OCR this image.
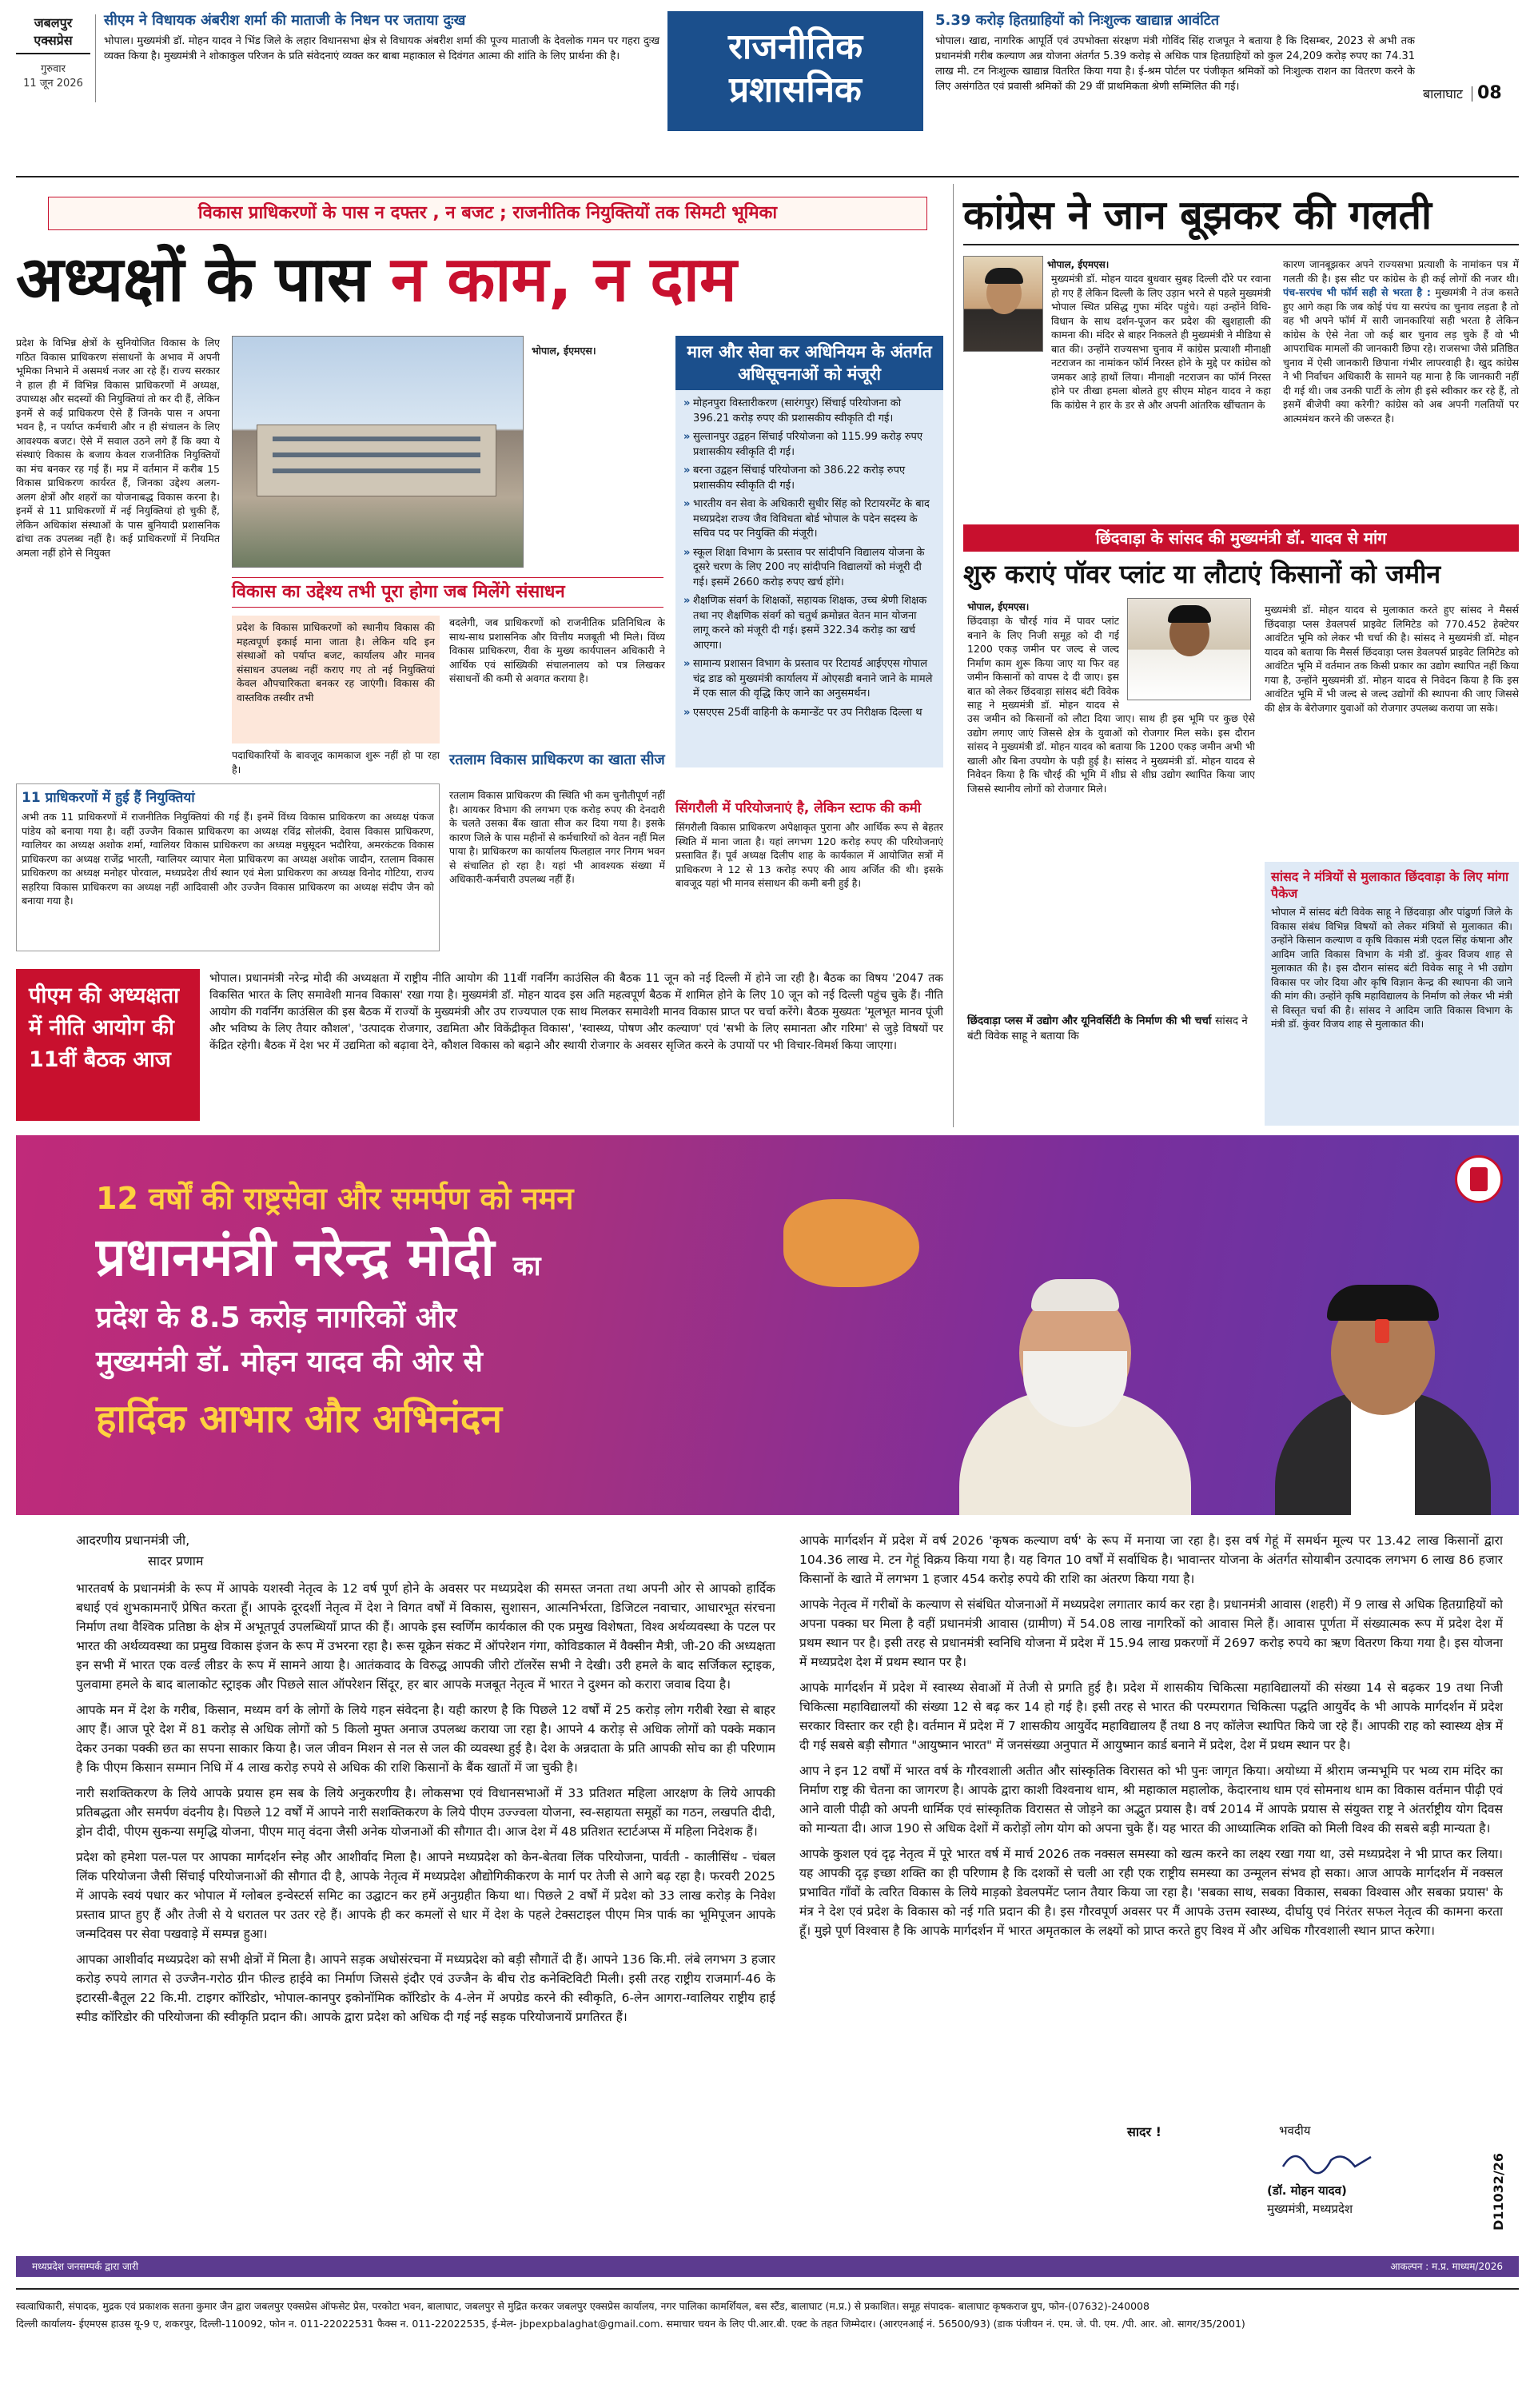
जबलपुर एक्सप्रेस
गुरुवार
11 जून 2026
सीएम ने विधायक अंबरीश शर्मा की माताजी के निधन पर जताया दुःख
भोपाल। मुख्यमंत्री डॉ. मोहन यादव ने भिंड जिले के लहार विधानसभा क्षेत्र से विधायक अंबरीश शर्मा की पूज्य माताजी के देवलोक गमन पर गहरा दुःख व्यक्त किया है। मुख्यमंत्री ने शोकाकुल परिजन के प्रति संवेदनाएं व्यक्त कर बाबा महाकाल से दिवंगत आत्मा की शांति के लिए प्रार्थना की है।	राजनीतिक प्रशासनिक
5.39 करोड़ हितग्राहियों को निःशुल्क खाद्यान्न आवंटित
भोपाल। खाद्य, नागरिक आपूर्ति एवं उपभोक्ता संरक्षण मंत्री गोविंद सिंह राजपूत ने बताया है कि दिसम्बर, 2023 से अभी तक प्रधानमंत्री गरीब कल्याण अन्न योजना अंतर्गत 5.39 करोड़ से अधिक पात्र हितग्राहियों को कुल 24,209 करोड़ रुपए का 74.31 लाख मी. टन निःशुल्क खाद्यान्न वितरित किया गया है। ई-श्रम पोर्टल पर पंजीकृत श्रमिकों को निःशुल्क राशन का वितरण करने के लिए असंगठित एवं प्रवासी श्रमिकों की 29 वीं प्राथमिकता श्रेणी सम्मिलित की गई।	बालाघाट 08
विकास प्राधिकरणों के पास न दफ्तर , न बजट ; राजनीतिक नियुक्तियों तक सिमटी भूमिका
अध्यक्षों के पास न काम, न दाम
प्रदेश के विभिन्न क्षेत्रों के सुनियोजित विकास के लिए गठित विकास प्राधिकरण संसाधनों के अभाव में अपनी भूमिका निभाने में असमर्थ नजर आ रहे हैं। राज्य सरकार ने हाल ही में विभिन्न विकास प्राधिकरणों में अध्यक्ष, उपाध्यक्ष और सदस्यों की नियुक्तियां तो कर दी हैं, लेकिन इनमें से कई प्राधिकरण ऐसे हैं जिनके पास न अपना भवन है, न पर्याप्त कर्मचारी और न ही संचालन के लिए आवश्यक बजट। ऐसे में सवाल उठने लगे हैं कि क्या ये संस्थाएं विकास के बजाय केवल राजनीतिक नियुक्तियों का मंच बनकर रह गई हैं। मप्र में वर्तमान में करीब 15 विकास प्राधिकरण कार्यरत हैं, जिनका उद्देश्य अलग-अलग क्षेत्रों और शहरों का योजनाबद्ध विकास करना है। इनमें से 11 प्राधिकरणों में नई नियुक्तियां हो चुकी हैं, लेकिन अधिकांश संस्थाओं के पास बुनियादी प्रशासनिक ढांचा तक उपलब्ध नहीं है। कई प्राधिकरणों में नियमित अमला नहीं होने से नियुक्त
भोपाल, ईएमएस।
विकास का उद्देश्य तभी पूरा होगा जब मिलेंगे संसाधन
प्रदेश के विकास प्राधिकरणों को स्थानीय विकास की महत्वपूर्ण इकाई माना जाता है। लेकिन यदि इन संस्थाओं को पर्याप्त बजट, कार्यालय और मानव संसाधन उपलब्ध नहीं कराए गए तो नई नियुक्तियां केवल औपचारिकता बनकर रह जाएंगी। विकास की वास्तविक तस्वीर तभी
बदलेगी, जब प्राधिकरणों को राजनीतिक प्रतिनिधित्व के साथ-साथ प्रशासनिक और वित्तीय मजबूती भी मिले। विंध्य विकास प्राधिकरण, रीवा के मुख्य कार्यपालन अधिकारी ने आर्थिक एवं सांख्यिकी संचालनालय को पत्र लिखकर संसाधनों की कमी से अवगत कराया है।
पदाधिकारियों के बावजूद कामकाज शुरू नहीं हो पा रहा है।
रतलाम विकास प्राधिकरण का खाता सीज
रतलाम विकास प्राधिकरण की स्थिति भी कम चुनौतीपूर्ण नहीं है। आयकर विभाग की लगभग एक करोड़ रुपए की देनदारी के चलते उसका बैंक खाता सीज कर दिया गया है। इसके कारण जिले के पास महीनों से कर्मचारियों को वेतन नहीं मिल पाया है। प्राधिकरण का कार्यालय फिलहाल नगर निगम भवन से संचालित हो रहा है। यहां भी आवश्यक संख्या में अधिकारी-कर्मचारी उपलब्ध नहीं हैं।
11 प्राधिकरणों में हुई हैं नियुक्तियां
अभी तक 11 प्राधिकरणों में राजनीतिक नियुक्तियां की गई हैं। इनमें विंध्य विकास प्राधिकरण का अध्यक्ष पंकज पांडेय को बनाया गया है। वहीं उज्जैन विकास प्राधिकरण का अध्यक्ष रविंद्र सोलंकी, देवास विकास प्राधिकरण, ग्वालियर का अध्यक्ष अशोक शर्मा, ग्वालियर विकास प्राधिकरण का अध्यक्ष मधुसूदन भदौरिया, अमरकंटक विकास प्राधिकरण का अध्यक्ष राजेंद्र भारती, ग्वालियर व्यापार मेला प्राधिकरण का अध्यक्ष अशोक जादौन, रतलाम विकास प्राधिकरण का अध्यक्ष मनोहर पोरवाल, मध्यप्रदेश तीर्थ स्थान एवं मेला प्राधिकरण का अध्यक्ष विनोद गोटिया, राज्य सहरिया विकास प्राधिकरण का अध्यक्ष नहीं आदिवासी और उज्जैन विकास प्राधिकरण का अध्यक्ष संदीप जैन को बनाया गया है।
माल और सेवा कर अधिनियम के अंतर्गत अधिसूचनाओं को मंजूरी
» मोहनपुरा विस्तारीकरण (सारंगपुर) सिंचाई परियोजना को 396.21 करोड़ रुपए की प्रशासकीय स्वीकृति दी गई।
» सुल्तानपुर उद्वहन सिंचाई परियोजना को 115.99 करोड़ रुपए प्रशासकीय स्वीकृति दी गई।
» बरना उद्वहन सिंचाई परियोजना को 386.22 करोड़ रुपए प्रशासकीय स्वीकृति दी गई।
» भारतीय वन सेवा के अधिकारी सुधीर सिंह को रिटायरमेंट के बाद मध्यप्रदेश राज्य जैव विविधता बोर्ड भोपाल के पदेन सदस्य के सचिव पद पर नियुक्ति की मंजूरी।
» स्कूल शिक्षा विभाग के प्रस्ताव पर सांदीपनि विद्यालय योजना के दूसरे चरण के लिए 200 नए सांदीपनि विद्यालयों को मंजूरी दी गई। इसमें 2660 करोड़ रुपए खर्च होंगे।
» शैक्षणिक संवर्ग के शिक्षकों, सहायक शिक्षक, उच्च श्रेणी शिक्षक तथा नए शैक्षणिक संवर्ग को चतुर्थ क्रमोन्नत वेतन मान योजना लागू करने को मंजूरी दी गई। इसमें 322.34 करोड़ का खर्च आएगा।
» सामान्य प्रशासन विभाग के प्रस्ताव पर रिटायर्ड आईएएस गोपाल चंद्र डाड को मुख्यमंत्री कार्यालय में ओएसडी बनाने जाने के मामले में एक साल की वृद्धि किए जाने का अनुसमर्थन।
» एसएएस 25वीं वाहिनी के कमान्डेंट पर उप निरीक्षक दिल्ला थ
सिंगरौली में परियोजनाएं है, लेकिन स्टाफ की कमी
सिंगरौली विकास प्राधिकरण अपेक्षाकृत पुराना और आर्थिक रूप से बेहतर स्थिति में माना जाता है। यहां लगभग 120 करोड़ रुपए की परियोजनाएं प्रस्तावित हैं। पूर्व अध्यक्ष दिलीप शाह के कार्यकाल में आयोजित सत्रों में प्राधिकरण ने 12 से 13 करोड़ रुपए की आय अर्जित की थी। इसके बावजूद यहां भी मानव संसाधन की कमी बनी हुई है।
पीएम की अध्यक्षता में नीति आयोग की 11वीं बैठक आज
भोपाल। प्रधानमंत्री नरेन्द्र मोदी की अध्यक्षता में राष्ट्रीय नीति आयोग की 11वीं गवर्निंग काउंसिल की बैठक 11 जून को नई दिल्ली में होने जा रही है। बैठक का विषय '2047 तक विकसित भारत के लिए समावेशी मानव विकास' रखा गया है। मुख्यमंत्री डॉ. मोहन यादव इस अति महत्वपूर्ण बैठक में शामिल होने के लिए 10 जून को नई दिल्ली पहुंच चुके हैं। नीति आयोग की गवर्निंग काउंसिल की इस बैठक में राज्यों के मुख्यमंत्री और उप राज्यपाल एक साथ मिलकर समावेशी मानव विकास प्राप्त पर चर्चा करेंगे। बैठक मुख्यतः 'मूलभूत मानव पूंजी और भविष्य के लिए तैयार कौशल', 'उत्पादक रोजगार, उद्यमिता और विकेंद्रीकृत विकास', 'स्वास्थ्य, पोषण और कल्याण' एवं 'सभी के लिए समानता और गरिमा' से जुड़े विषयों पर केंद्रित रहेगी। बैठक में देश भर में उद्यमिता को बढ़ावा देने, कौशल विकास को बढ़ाने और स्थायी रोजगार के अवसर सृजित करने के उपायों पर भी विचार-विमर्श किया जाएगा।
कांग्रेस ने जान बूझकर की गलती
भोपाल, ईएमएस।
मुख्यमंत्री डॉ. मोहन यादव बुधवार सुबह दिल्ली दौरे पर रवाना हो गए हैं लेकिन दिल्ली के लिए उड़ान भरने से पहले मुख्यमंत्री भोपाल स्थित प्रसिद्ध गुफा मंदिर पहुंचे। यहां उन्होंने विधि-विधान के साथ दर्शन-पूजन कर प्रदेश की खुशहाली की कामना की। मंदिर से बाहर निकलते ही मुख्यमंत्री ने मीडिया से बात की। उन्होंने राज्यसभा चुनाव में कांग्रेस प्रत्याशी मीनाक्षी नटराजन का नामांकन फॉर्म निरस्त होने के मुद्दे पर कांग्रेस को जमकर आड़े हाथों लिया। मीनाक्षी नटराजन का फॉर्म निरस्त होने पर तीखा हमला बोलते हुए सीएम मोहन यादव ने कहा कि कांग्रेस ने हार के डर से और अपनी आंतरिक खींचतान के
कारण जानबूझकर अपने राज्यसभा प्रत्याशी के नामांकन पत्र में गलती की है। इस सीट पर कांग्रेस के ही कई लोगों की नजर थी। पंच-सरपंच भी फॉर्म सही से भरता है : मुख्यमंत्री ने तंज कसते हुए आगे कहा कि जब कोई पंच या सरपंच का चुनाव लड़ता है तो वह भी अपने फॉर्म में सारी जानकारियां सही भरता है लेकिन कांग्रेस के ऐसे नेता जो कई बार चुनाव लड़ चुके हैं वो भी आपराधिक मामलों की जानकारी छिपा रहे। राजसभा जैसे प्रतिष्ठित चुनाव में ऐसी जानकारी छिपाना गंभीर लापरवाही है। खुद कांग्रेस ने भी निर्वाचन अधिकारी के सामने यह माना है कि जानकारी नहीं दी गई थी। जब उनकी पार्टी के लोग ही इसे स्वीकार कर रहे हैं, तो इसमें बीजेपी क्या करेगी? कांग्रेस को अब अपनी गलतियों पर आत्ममंथन करने की जरूरत है।
छिंदवाड़ा के सांसद की मुख्यमंत्री डॉ. यादव से मांग
शुरु कराएं पॉवर प्लांट या लौटाएं किसानों को जमीन
भोपाल, ईएमएस।
छिंदवाड़ा के चौरई गांव में पावर प्लांट बनाने के लिए निजी समूह को दी गई 1200 एकड़ जमीन पर जल्द से जल्द निर्माण काम शुरू किया जाए या फिर वह जमीन किसानों को वापस दे दी जाए। इस बात को लेकर छिंदवाड़ा सांसद बंटी विवेक साहू ने मुख्यमंत्री डॉ. मोहन यादव से
उस जमीन को किसानों को लौटा दिया जाए। साथ ही इस भूमि पर कुछ ऐसे उद्योग लगाए जाएं जिससे क्षेत्र के युवाओं को रोजगार मिल सके। इस दौरान सांसद ने मुख्यमंत्री डॉ. मोहन यादव को बताया कि 1200 एकड़ जमीन अभी भी खाली और बिना उपयोग के पड़ी हुई है। सांसद ने मुख्यमंत्री डॉ. मोहन यादव से निवेदन किया है कि चौरई की भूमि में शीघ्र से शीघ्र उद्योग स्थापित किया जाए जिससे स्थानीय लोगों को रोजगार मिले।
छिंदवाड़ा प्लस में उद्योग और यूनिवर्सिटी के निर्माण की भी चर्चा सांसद ने बंटी विवेक साहू ने बताया कि
मुख्यमंत्री डॉ. मोहन यादव से मुलाकात करते हुए सांसद ने मैसर्स छिंदवाड़ा प्लस डेवलपर्स प्राइवेट लिमिटेड को 770.452 हेक्टेयर आवंटित भूमि को लेकर भी चर्चा की है। सांसद ने मुख्यमंत्री डॉ. मोहन यादव को बताया कि मैसर्स छिंदवाड़ा प्लस डेवलपर्स प्राइवेट लिमिटेड को आवंटित भूमि में वर्तमान तक किसी प्रकार का उद्योग स्थापित नहीं किया गया है, उन्होंने मुख्यमंत्री डॉ. मोहन यादव से निवेदन किया है कि इस आवंटित भूमि में भी जल्द से जल्द उद्योगों की स्थापना की जाए जिससे की क्षेत्र के बेरोजगार युवाओं को रोजगार उपलब्ध कराया जा सके।
सांसद ने मंत्रियों से मुलाकात छिंदवाड़ा के लिए मांगा पैकेज
भोपाल में सांसद बंटी विवेक साहू ने छिंदवाड़ा और पांढुर्णा जिले के विकास संबंध विभिन्न विषयों को लेकर मंत्रियों से मुलाकात की। उन्होंने किसान कल्याण व कृषि विकास मंत्री एदल सिंह कंषाना और आदिम जाति विकास विभाग के मंत्री डॉ. कुंवर विजय शाह से मुलाकात की है। इस दौरान सांसद बंटी विवेक साहू ने भी उद्योग विकास पर जोर दिया और कृषि विज्ञान केन्द्र की स्थापना की जाने की मांग की। उन्होंने कृषि महाविद्यालय के निर्माण को लेकर भी मंत्री से विस्तृत चर्चा की है। सांसद ने आदिम जाति विकास विभाग के मंत्री डॉ. कुंवर विजय शाह से मुलाकात की।
12 वर्षों की राष्ट्रसेवा और समर्पण को नमन
प्रधानमंत्री नरेन्द्र मोदी का
प्रदेश के 8.5 करोड़ नागरिकों और
मुख्यमंत्री डॉ. मोहन यादव की ओर से
हार्दिक आभार और अभिनंदन
आदरणीय प्रधानमंत्री जी,
सादर प्रणाम

भारतवर्ष के प्रधानमंत्री के रूप में आपके यशस्वी नेतृत्व के 12 वर्ष पूर्ण होने के अवसर पर मध्यप्रदेश की समस्त जनता तथा अपनी ओर से आपको हार्दिक बधाई एवं शुभकामनाएँ प्रेषित करता हूँ। आपके दूरदर्शी नेतृत्व में देश ने विगत वर्षों में विकास, सुशासन, आत्मनिर्भरता, डिजिटल नवाचार, आधारभूत संरचना निर्माण तथा वैश्विक प्रतिष्ठा के क्षेत्र में अभूतपूर्व उपलब्धियाँ प्राप्त की हैं। आपके इस स्वर्णिम कार्यकाल की एक प्रमुख विशेषता, विश्व अर्थव्यवस्था के पटल पर भारत की अर्थव्यवस्था का प्रमुख विकास इंजन के रूप में उभरना रहा है। रूस यूक्रेन संकट में ऑपरेशन गंगा, कोविडकाल में वैक्सीन मैत्री, जी-20 की अध्यक्षता इन सभी में भारत एक वर्ल्ड लीडर के रूप में सामने आया है। आतंकवाद के विरुद्ध आपकी जीरो टॉलरेंस सभी ने देखी। उरी हमले के बाद सर्जिकल स्ट्राइक, पुलवामा हमले के बाद बालाकोट स्ट्राइक और पिछले साल ऑपरेशन सिंदूर, हर बार आपके मजबूत नेतृत्व में भारत ने दुश्मन को करारा जवाब दिया है।

आपके मन में देश के गरीब, किसान, मध्यम वर्ग के लोगों के लिये गहन संवेदना है। यही कारण है कि पिछले 12 वर्षों में 25 करोड़ लोग गरीबी रेखा से बाहर आए हैं। आज पूरे देश में 81 करोड़ से अधिक लोगों को 5 किलो मुफ्त अनाज उपलब्ध कराया जा रहा है। आपने 4 करोड़ से अधिक लोगों को पक्के मकान देकर उनका पक्की छत का सपना साकार किया है। जल जीवन मिशन से नल से जल की व्यवस्था हुई है। देश के अन्नदाता के प्रति आपकी सोच का ही परिणाम है कि पीएम किसान सम्मान निधि में 4 लाख करोड़ रुपये से अधिक की राशि किसानों के बैंक खातों में जा चुकी है।

नारी सशक्तिकरण के लिये आपके प्रयास हम सब के लिये अनुकरणीय है। लोकसभा एवं विधानसभाओं में 33 प्रतिशत महिला आरक्षण के लिये आपकी प्रतिबद्धता और समर्पण वंदनीय है। पिछले 12 वर्षों में आपने नारी सशक्तिकरण के लिये पीएम उज्ज्वला योजना, स्व-सहायता समूहों का गठन, लखपति दीदी, ड्रोन दीदी, पीएम सुकन्या समृद्धि योजना, पीएम मातृ वंदना जैसी अनेक योजनाओं की सौगात दी। आज देश में 48 प्रतिशत स्टार्टअप्स में महिला निदेशक हैं।

प्रदेश को हमेशा पल-पल पर आपका मार्गदर्शन स्नेह और आशीर्वाद मिला है। आपने मध्यप्रदेश को केन-बेतवा लिंक परियोजना, पार्वती - कालीसिंध - चंबल लिंक परियोजना जैसी सिंचाई परियोजनाओं की सौगात दी है, आपके नेतृत्व में मध्यप्रदेश औद्योगिकीकरण के मार्ग पर तेजी से आगे बढ़ रहा है। फरवरी 2025 में आपके स्वयं पधार कर भोपाल में ग्लोबल इन्वेस्टर्स समिट का उद्घाटन कर हमें अनुग्रहीत किया था। पिछले 2 वर्षों में प्रदेश को 33 लाख करोड़ के निवेश प्रस्ताव प्राप्त हुए हैं और तेजी से ये धरातल पर उतर रहे हैं। आपके ही कर कमलों से धार में देश के पहले टेक्सटाइल पीएम मित्र पार्क का भूमिपूजन आपके जन्मदिवस पर सेवा पखवाड़े में सम्पन्न हुआ।

आपका आशीर्वाद मध्यप्रदेश को सभी क्षेत्रों में मिला है। आपने सड़क अधोसंरचना में मध्यप्रदेश को बड़ी सौगातें दी हैं। आपने 136 कि.मी. लंबे लगभग 3 हजार करोड़ रुपये लागत से उज्जैन-गरोठ ग्रीन फील्ड हाईवे का निर्माण जिससे इंदौर एवं उज्जैन के बीच रोड कनेक्टिविटी मिली। इसी तरह राष्ट्रीय राजमार्ग-46 के इटारसी-बैतूल 22 कि.मी. टाइगर कॉरिडोर, भोपाल-कानपुर इकोनॉमिक कॉरिडोर के 4-लेन में अपग्रेड करने की स्वीकृति, 6-लेन आगरा-ग्वालियर राष्ट्रीय हाई स्पीड कॉरिडोर की परियोजना की स्वीकृति प्रदान की। आपके द्वारा प्रदेश को अधिक दी गई नई सड़क परियोजनायें प्रगतिरत हैं।

आपके मार्गदर्शन में प्रदेश में वर्ष 2026 'कृषक कल्याण वर्ष' के रूप में मनाया जा रहा है। इस वर्ष गेहूं में समर्थन मूल्य पर 13.42 लाख किसानों द्वारा 104.36 लाख मे. टन गेहूं विक्रय किया गया है। यह विगत 10 वर्षों में सर्वाधिक है। भावान्तर योजना के अंतर्गत सोयाबीन उत्पादक लगभग 6 लाख 86 हजार किसानों के खाते में लगभग 1 हजार 454 करोड़ रुपये की राशि का अंतरण किया गया है।

आपके नेतृत्व में गरीबों के कल्याण से संबंधित योजनाओं में मध्यप्रदेश लगातार कार्य कर रहा है। प्रधानमंत्री आवास (शहरी) में 9 लाख से अधिक हितग्राहियों को अपना पक्का घर मिला है वहीं प्रधानमंत्री आवास (ग्रामीण) में 54.08 लाख नागरिकों को आवास मिले हैं। आवास पूर्णता में संख्यात्मक रूप में प्रदेश देश में प्रथम स्थान पर है। इसी तरह से प्रधानमंत्री स्वनिधि योजना में प्रदेश में 15.94 लाख प्रकरणों में 2697 करोड़ रुपये का ऋण वितरण किया गया है। इस योजना में मध्यप्रदेश देश में प्रथम स्थान पर है।

आपके मार्गदर्शन में प्रदेश में स्वास्थ्य सेवाओं में तेजी से प्रगति हुई है। प्रदेश में शासकीय चिकित्सा महाविद्यालयों की संख्या 14 से बढ़कर 19 तथा निजी चिकित्सा महाविद्यालयों की संख्या 12 से बढ़ कर 14 हो गई है। इसी तरह से भारत की परम्परागत चिकित्सा पद्धति आयुर्वेद के भी आपके मार्गदर्शन में प्रदेश सरकार विस्तार कर रही है। वर्तमान में प्रदेश में 7 शासकीय आयुर्वेद महाविद्यालय हैं तथा 8 नए कॉलेज स्थापित किये जा रहे हैं। आपकी राह को स्वास्थ्य क्षेत्र में दी गई सबसे बड़ी सौगात "आयुष्मान भारत" में जनसंख्या अनुपात में आयुष्मान कार्ड बनाने में प्रदेश, देश में प्रथम स्थान पर है।

आप ने इन 12 वर्षों में भारत वर्ष के गौरवशाली अतीत और सांस्कृतिक विरासत को भी पुनः जागृत किया। अयोध्या में श्रीराम जन्मभूमि पर भव्य राम मंदिर का निर्माण राष्ट्र की चेतना का जागरण है। आपके द्वारा काशी विश्वनाथ धाम, श्री महाकाल महालोक, केदारनाथ धाम एवं सोमनाथ धाम का विकास वर्तमान पीढ़ी एवं आने वाली पीढ़ी को अपनी धार्मिक एवं सांस्कृतिक विरासत से जोड़ने का अद्भुत प्रयास है। वर्ष 2014 में आपके प्रयास से संयुक्त राष्ट्र ने अंतर्राष्ट्रीय योग दिवस को मान्यता दी। आज 190 से अधिक देशों में करोड़ों लोग योग को अपना चुके हैं। यह भारत की आध्यात्मिक शक्ति को मिली विश्व की सबसे बड़ी मान्यता है।

आपके कुशल एवं दृढ़ नेतृत्व में पूरे भारत वर्ष में मार्च 2026 तक नक्सल समस्या को खत्म करने का लक्ष्य रखा गया था, उसे मध्यप्रदेश ने भी प्राप्त कर लिया। यह आपकी दृढ़ इच्छा शक्ति का ही परिणाम है कि दशकों से चली आ रही एक राष्ट्रीय समस्या का उन्मूलन संभव हो सका। आज आपके मार्गदर्शन में नक्सल प्रभावित गाँवों के त्वरित विकास के लिये माड़को डेवलपमेंट प्लान तैयार किया जा रहा है। 'सबका साथ, सबका विकास, सबका विश्वास और सबका प्रयास' के मंत्र ने देश एवं प्रदेश के विकास को नई गति प्रदान की है। इस गौरवपूर्ण अवसर पर मैं आपके उत्तम स्वास्थ्य, दीर्घायु एवं निरंतर सफल नेतृत्व की कामना करता हूँ। मुझे पूर्ण विश्वास है कि आपके मार्गदर्शन में भारत अमृतकाल के लक्ष्यों को प्राप्त करते हुए विश्व में और अधिक गौरवशाली स्थान प्राप्त करेगा।

सादर !	भवदीय
(डॉ. मोहन यादव)
मुख्यमंत्री, मध्यप्रदेश	D11032/26
मध्यप्रदेश जनसम्पर्क द्वारा जारी	आकल्पन : म.प्र. माध्यम/2026
स्वत्वाधिकारी, संपादक, मुद्रक एवं प्रकाशक सतना कुमार जैन द्वारा जबलपुर एक्सप्रेस ऑफसेट प्रेस, परकोटा भवन, बालाघाट, जबलपुर से मुद्रित करकर जबलपुर एक्सप्रेस कार्यालय, नगर पालिका कामर्शियल, बस स्टैंड, बालाघाट (म.प्र.) से प्रकाशित। समूह संपादक- बालाघाट कृषकराज ग्रुप, फोन-(07632)-240008
दिल्ली कार्यालय- ईएमएस हाउस यू-9 ए, शकरपुर, दिल्ली-110092, फोन न. 011-22022531 फैक्स न. 011-22022535, ई-मेल- jbpexpbalaghat@gmail.com. समाचार चयन के लिए पी.आर.बी. एक्ट के तहत जिम्मेदार। (आरएनआई नं. 56500/93) (डाक पंजीयन नं. एम. जे. पी. एम. /पी. आर. ओ. सागर/35/2001)
